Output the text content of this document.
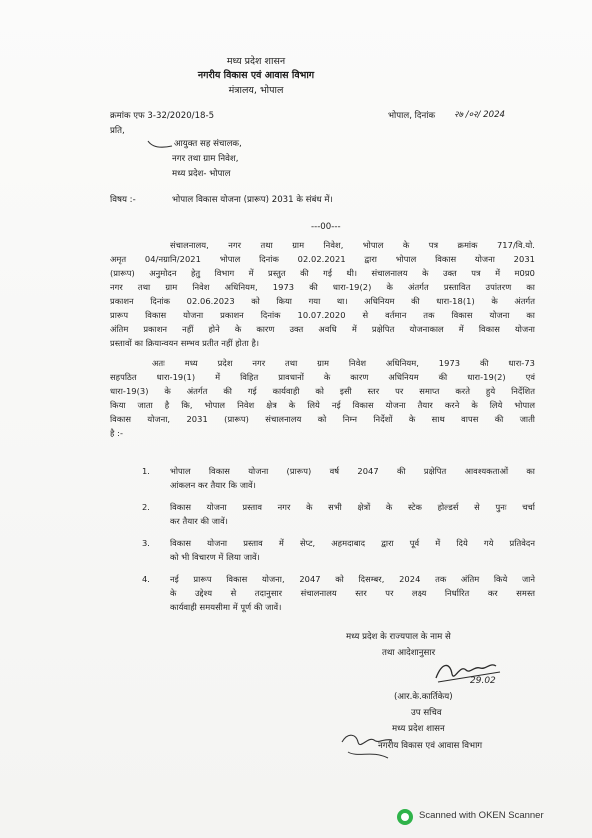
मध्य प्रदेश शासन
नगरीय विकास एवं आवास विभाग
मंत्रालय, भोपाल
क्रमांक एफ 3-32/2020/18-5	भोपाल, दिनांक २७ /०२/ 2024
प्रति,
आयुक्त सह संचालक,
नगर तथा ग्राम निवेश,
मध्य प्रदेश- भोपाल
विषय :-	भोपाल विकास योजना (प्रारूप) 2031 के संबंध में।
---00---
संचालनालय, नगर तथा ग्राम निवेश, भोपाल के पत्र क्रमांक 717/वि.यो.
अमृत 04/नग्रानि/2021 भोपाल दिनांक 02.02.2021 द्वारा भोपाल विकास योजना 2031
(प्रारूप) अनुमोदन हेतु विभाग में प्रस्तुत की गई थी। संचालनालय के उक्त पत्र में म0प्र0
नगर तथा ग्राम निवेश अधिनियम, 1973 की धारा-19(2) के अंतर्गत प्रस्तावित उपांतरण का
प्रकाशन दिनांक 02.06.2023 को किया गया था। अधिनियम की धारा-18(1) के अंतर्गत
प्रारूप विकास योजना प्रकाशन दिनांक 10.07.2020 से वर्तमान तक विकास योजना का
अंतिम प्रकाशन नहीं होने के कारण उक्त अवधि में प्रक्षेपित योजनाकाल में विकास योजना
प्रस्तावों का क्रियान्वयन सम्भव प्रतीत नहीं होता है।
अतः मध्य प्रदेश नगर तथा ग्राम निवेश अधिनियम, 1973 की धारा-73
सहपठित धारा-19(1) में विहित प्रावधानों के कारण अधिनियम की धारा-19(2) एवं
धारा-19(3) के अंतर्गत की गई कार्यवाही को इसी स्तर पर समाप्त करते हुये निर्देशित
किया जाता है कि, भोपाल निवेश क्षेत्र के लिये नई विकास योजना तैयार करने के लिये भोपाल
विकास योजना, 2031 (प्रारूप) संचालनालय को निम्न निर्देशों के साथ वापस की जाती
है :-
1. भोपाल विकास योजना (प्रारूप) वर्ष 2047 की प्रक्षेपित आवश्यकताओं का
आंकलन कर तैयार कि जावें।
2. विकास योजना प्रस्ताव नगर के सभी क्षेत्रों के स्टेक होल्डर्स से पुनः चर्चा
कर तैयार की जावें।
3. विकास योजना प्रस्ताव में सेप्ट, अहमदाबाद द्वारा पूर्व में दिये गये प्रतिवेदन
को भी विचारण में लिया जावें।
4. नई प्रारूप विकास योजना, 2047 को दिसम्बर, 2024 तक अंतिम किये जाने
के उद्देश्य से तदानुसार संचालनालय स्तर पर लक्ष्य निर्धारित कर समस्त
कार्यवाही समयसीमा में पूर्ण की जावें।
मध्य प्रदेश के राज्यपाल के नाम से
तथा आदेशानुसार
29.02
(आर.के.कार्तिकेय)
उप सचिव
मध्य प्रदेश शासन
नगरीय विकास एवं आवास विभाग
Scanned with OKEN Scanner
